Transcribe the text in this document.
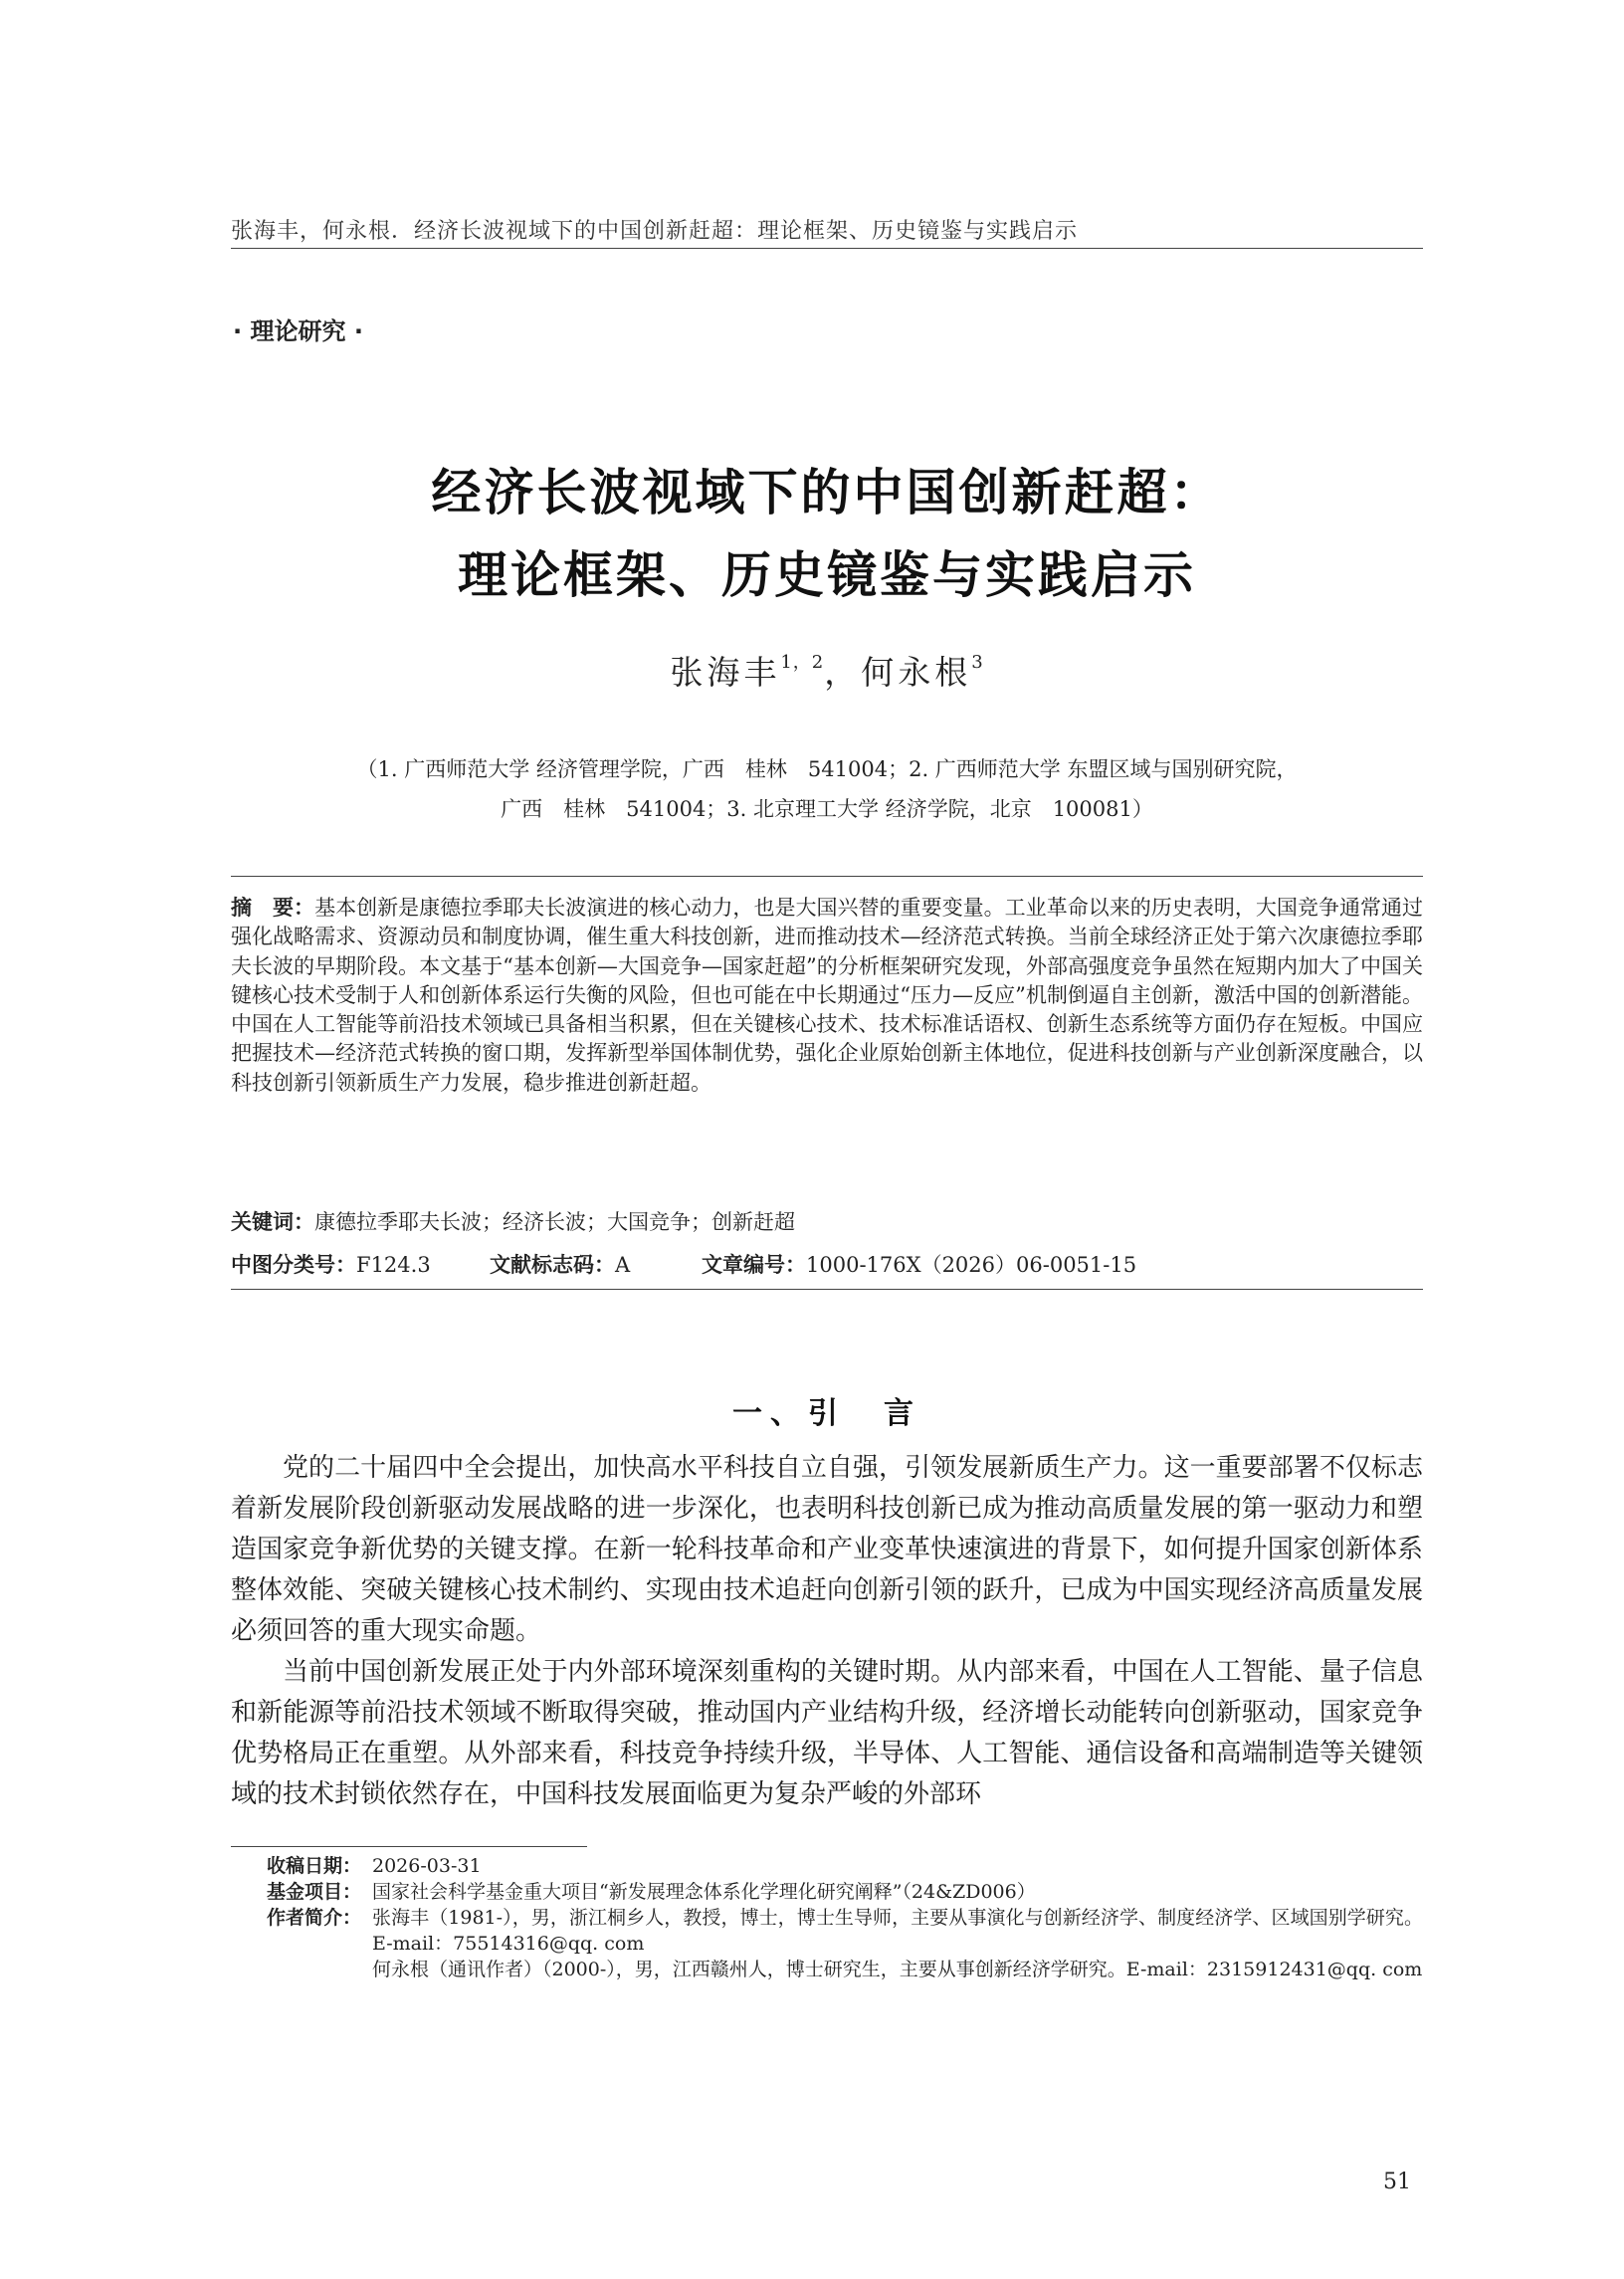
张海丰，何永根．经济长波视域下的中国创新赶超：理论框架、历史镜鉴与实践启示
· 理论研究 ·
经济长波视域下的中国创新赶超：
理论框架、历史镜鉴与实践启示
张海丰$^{1,2}$，何永根$^3$
（1. 广西师范大学 经济管理学院，广西　桂林　541004；2. 广西师范大学 东盟区域与国别研究院，
广西　桂林　541004；3. 北京理工大学 经济学院，北京　100081）
摘　要：基本创新是康德拉季耶夫长波演进的核心动力，也是大国兴替的重要变量。工业革命以来的历史表明，大国竞争通常通过强化战略需求、资源动员和制度协调，催生重大科技创新，进而推动技术—经济范式转换。当前全球经济正处于第六次康德拉季耶夫长波的早期阶段。本文基于“基本创新—大国竞争—国家赶超”的分析框架研究发现，外部高强度竞争虽然在短期内加大了中国关键核心技术受制于人和创新体系运行失衡的风险，但也可能在中长期通过“压力—反应”机制倒逼自主创新，激活中国的创新潜能。中国在人工智能等前沿技术领域已具备相当积累，但在关键核心技术、技术标准话语权、创新生态系统等方面仍存在短板。中国应把握技术—经济范式转换的窗口期，发挥新型举国体制优势，强化企业原始创新主体地位，促进科技创新与产业创新深度融合，以科技创新引领新质生产力发展，稳步推进创新赶超。
关键词：康德拉季耶夫长波；经济长波；大国竞争；创新赶超
中图分类号：F124.3	文献标志码：A	文章编号：1000-176X（2026）06-0051-15
一、引　言

党的二十届四中全会提出，加快高水平科技自立自强，引领发展新质生产力。这一重要部署不仅标志着新发展阶段创新驱动发展战略的进一步深化，也表明科技创新已成为推动高质量发展的第一驱动力和塑造国家竞争新优势的关键支撑。在新一轮科技革命和产业变革快速演进的背景下，如何提升国家创新体系整体效能、突破关键核心技术制约、实现由技术追赶向创新引领的跃升，已成为中国实现经济高质量发展必须回答的重大现实命题。

当前中国创新发展正处于内外部环境深刻重构的关键时期。从内部来看，中国在人工智能、量子信息和新能源等前沿技术领域不断取得突破，推动国内产业结构升级，经济增长动能转向创新驱动，国家竞争优势格局正在重塑。从外部来看，科技竞争持续升级，半导体、人工智能、通信设备和高端制造等关键领域的技术封锁依然存在，中国科技发展面临更为复杂严峻的外部环

收稿日期： 2026-03-31
基金项目： 国家社会科学基金重大项目“新发展理念体系化学理化研究阐释”（24&ZD006）
作者简介： 张海丰（1981-），男，浙江桐乡人，教授，博士，博士生导师，主要从事演化与创新经济学、制度经济学、区域国别学研究。E-mail：75514316@qq. com
何永根（通讯作者）（2000-），男，江西赣州人，博士研究生，主要从事创新经济学研究。E-mail：2315912431@qq. com
51
